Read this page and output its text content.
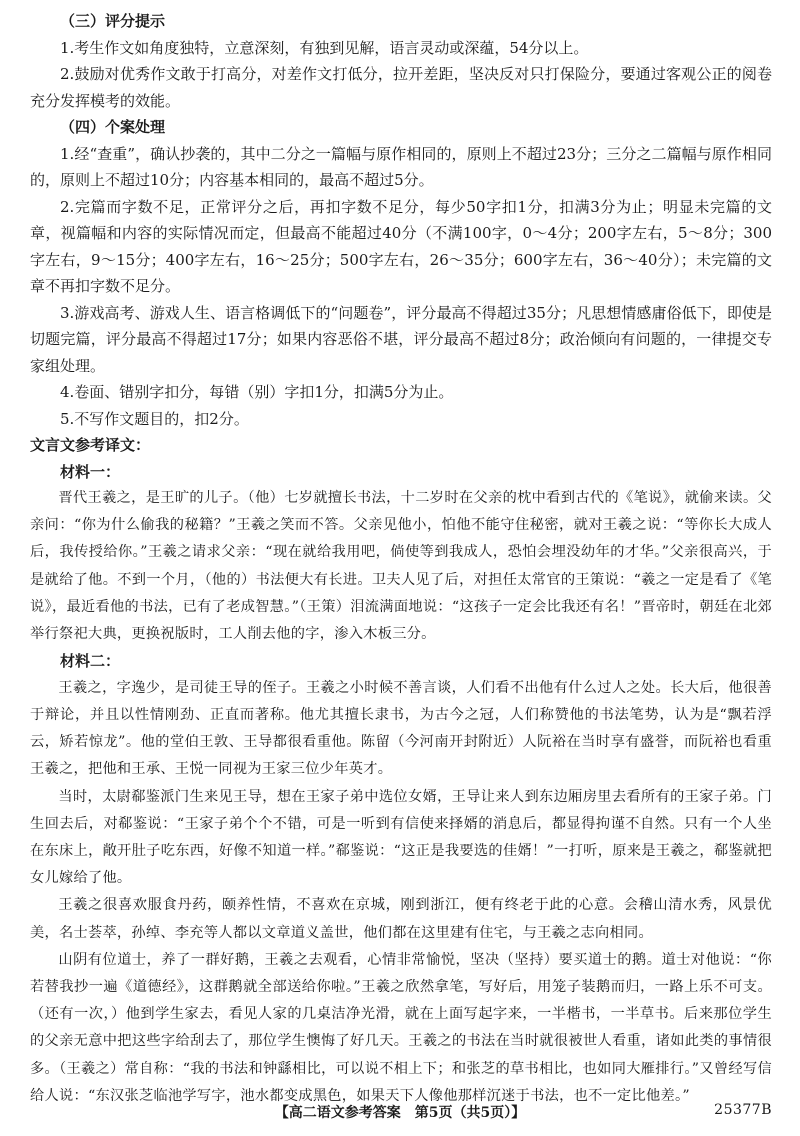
（三）评分提示

1.考生作文如角度独特，立意深刻，有独到见解，语言灵动或深蕴，54分以上。

2.鼓励对优秀作文敢于打高分，对差作文打低分，拉开差距，坚决反对只打保险分，要通过客观公正的阅卷充分发挥模考的效能。

（四）个案处理

1.经“查重”，确认抄袭的，其中二分之一篇幅与原作相同的，原则上不超过23分；三分之二篇幅与原作相同的，原则上不超过10分；内容基本相同的，最高不超过5分。

2.完篇而字数不足，正常评分之后，再扣字数不足分，每少50字扣1分，扣满3分为止；明显未完篇的文章，视篇幅和内容的实际情况而定，但最高不能超过40分（不满100字，0～4分；200字左右，5～8分；300字左右，9～15分；400字左右，16～25分；500字左右，26～35分；600字左右，36～40分）；未完篇的文章不再扣字数不足分。

3.游戏高考、游戏人生、语言格调低下的“问题卷”，评分最高不得超过35分；凡思想情感庸俗低下，即使是切题完篇，评分最高不得超过17分；如果内容恶俗不堪，评分最高不超过8分；政治倾向有问题的，一律提交专家组处理。

4.卷面、错别字扣分，每错（别）字扣1分，扣满5分为止。

5.不写作文题目的，扣2分。

文言文参考译文：

材料一：

晋代王羲之，是王旷的儿子。（他）七岁就擅长书法，十二岁时在父亲的枕中看到古代的《笔说》，就偷来读。父亲问：“你为什么偷我的秘籍？”王羲之笑而不答。父亲见他小，怕他不能守住秘密，就对王羲之说：“等你长大成人后，我传授给你。”王羲之请求父亲：“现在就给我用吧，倘使等到我成人，恐怕会埋没幼年的才华。”父亲很高兴，于是就给了他。不到一个月，（他的）书法便大有长进。卫夫人见了后，对担任太常官的王策说：“羲之一定是看了《笔说》，最近看他的书法，已有了老成智慧。”（王策）泪流满面地说：“这孩子一定会比我还有名！”晋帝时，朝廷在北郊举行祭祀大典，更换祝版时，工人削去他的字，渗入木板三分。

材料二：

王羲之，字逸少，是司徒王导的侄子。王羲之小时候不善言谈，人们看不出他有什么过人之处。长大后，他很善于辩论，并且以性情刚劲、正直而著称。他尤其擅长隶书，为古今之冠，人们称赞他的书法笔势，认为是“飘若浮云，矫若惊龙”。他的堂伯王敦、王导都很看重他。陈留（今河南开封附近）人阮裕在当时享有盛誉，而阮裕也看重王羲之，把他和王承、王悦一同视为王家三位少年英才。

当时，太尉郗鉴派门生来见王导，想在王家子弟中选位女婿，王导让来人到东边厢房里去看所有的王家子弟。门生回去后，对郗鉴说：“王家子弟个个不错，可是一听到有信使来择婿的消息后，都显得拘谨不自然。只有一个人坐在东床上，敞开肚子吃东西，好像不知道一样。”郗鉴说：“这正是我要选的佳婿！”一打听，原来是王羲之，郗鉴就把女儿嫁给了他。

王羲之很喜欢服食丹药，颐养性情，不喜欢在京城，刚到浙江，便有终老于此的心意。会稽山清水秀，风景优美，名士荟萃，孙绰、李充等人都以文章道义盖世，他们都在这里建有住宅，与王羲之志向相同。

山阴有位道士，养了一群好鹅，王羲之去观看，心情非常愉悦，坚决（坚持）要买道士的鹅。道士对他说：“你若替我抄一遍《道德经》，这群鹅就全部送给你啦。”王羲之欣然拿笔，写好后，用笼子装鹅而归，一路上乐不可支。（还有一次，）他到学生家去，看见人家的几桌洁净光滑，就在上面写起字来，一半楷书，一半草书。后来那位学生的父亲无意中把这些字给刮去了，那位学生懊悔了好几天。王羲之的书法在当时就很被世人看重，诸如此类的事情很多。（王羲之）常自称：“我的书法和钟繇相比，可以说不相上下；和张芝的草书相比，也如同大雁排行。”又曾经写信给人说：“东汉张芝临池学写字，池水都变成黑色，如果天下人像他那样沉迷于书法，也不一定比他差。”

【高二语文参考答案　第5页（共5页）】	25377B
